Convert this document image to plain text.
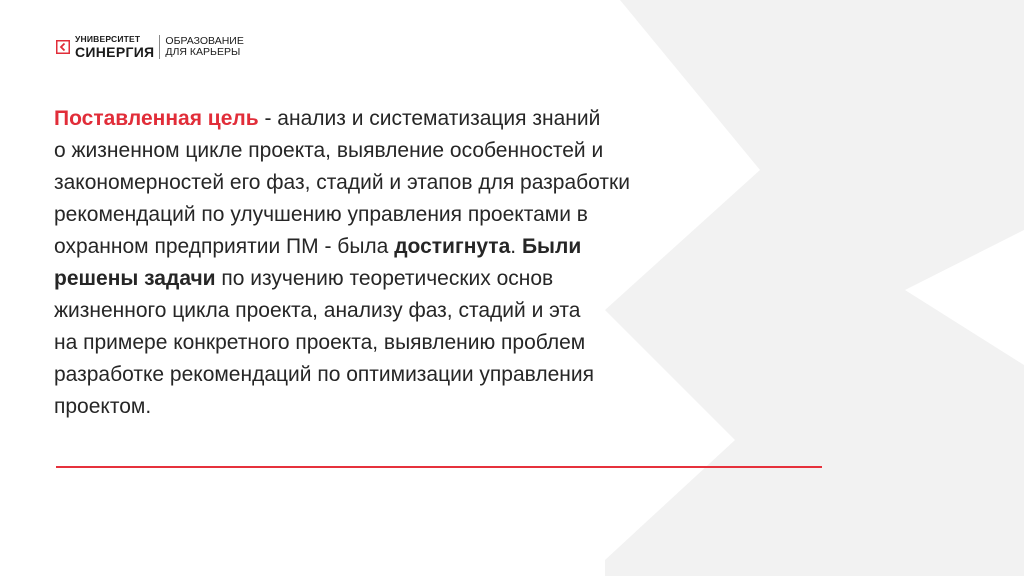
УНИВЕРСИТЕТ
СИНЕРГИЯ
ОБРАЗОВАНИЕ
ДЛЯ КАРЬЕРЫ
Поставленная цель - анализ и систематизация знаний
о жизненном цикле проекта, выявление особенностей и
закономерностей его фаз, стадий и этапов для разработки
рекомендаций по улучшению управления проектами в
охранном предприятии ПМ - была достигнута. Были
решены задачи по изучению теоретических основ
жизненного цикла проекта, анализу фаз, стадий и эта
на примере конкретного проекта, выявлению проблем
разработке рекомендаций по оптимизации управления
проектом.
